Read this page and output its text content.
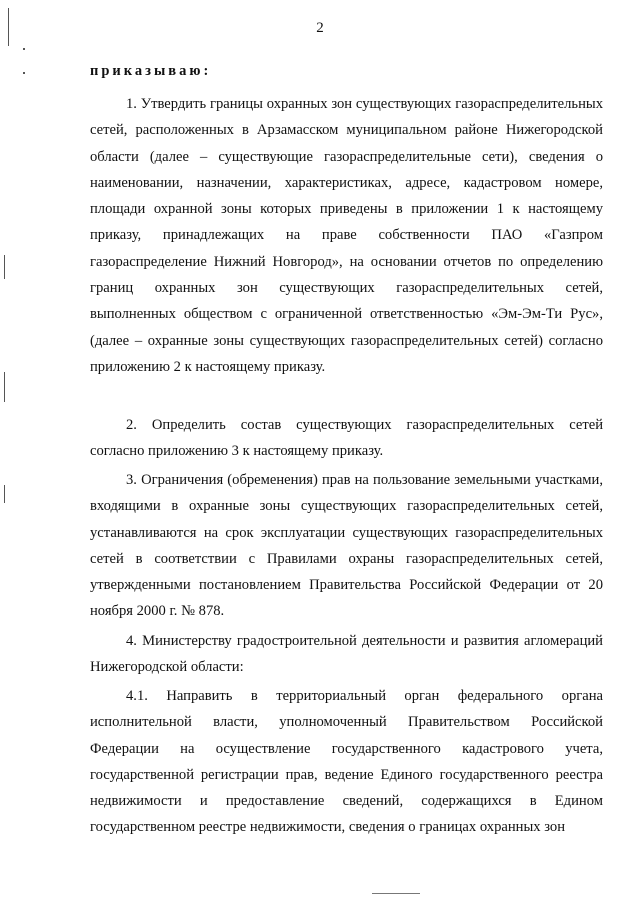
2
приказываю:

1. Утвердить границы охранных зон существующих газораспределительных сетей, расположенных в Арзамасском муниципальном районе Нижегородской области (далее – существующие газораспределительные сети), сведения о наименовании, назначении, характеристиках, адресе, кадастровом номере, площади охранной зоны которых приведены в приложении 1 к настоящему приказу, принадлежащих на праве собственности ПАО «Газпром газораспределение Нижний Новгород», на основании отчетов по определению границ охранных зон существующих газораспределительных сетей, выполненных обществом с ограниченной ответственностью «Эм-Эм-Ти Рус», (далее – охранные зоны существующих газораспределительных сетей) согласно приложению 2 к настоящему приказу.

2. Определить состав существующих газораспределительных сетей согласно приложению 3 к настоящему приказу.

3. Ограничения (обременения) прав на пользование земельными участками, входящими в охранные зоны существующих газораспределительных сетей, устанавливаются на срок эксплуатации существующих газораспределительных сетей в соответствии с Правилами охраны газораспределительных сетей, утвержденными постановлением Правительства Российской Федерации от 20 ноября 2000 г. № 878.

4. Министерству градостроительной деятельности и развития агломераций Нижегородской области:

4.1. Направить в территориальный орган федерального органа исполнительной власти, уполномоченный Правительством Российской Федерации на осуществление государственного кадастрового учета, государственной регистрации прав, ведение Единого государственного реестра недвижимости и предоставление сведений, содержащихся в Едином государственном реестре недвижимости, сведения о границах охранных зон
